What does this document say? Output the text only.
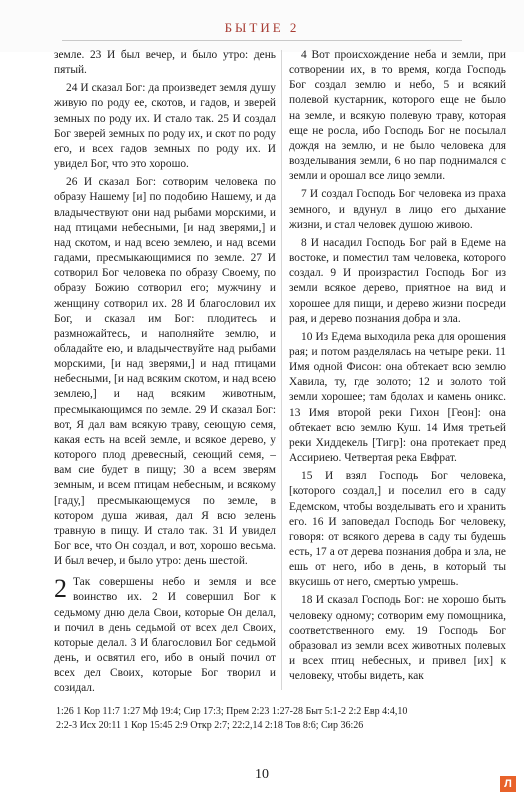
БЫТИЕ 2

земле. 23 И был вечер, и было утро: день пятый.

24 И сказал Бог: да произведет земля душу живую по роду ее, скотов, и гадов, и зверей земных по роду их. И стало так. 25 И создал Бог зверей земных по роду их, и скот по роду его, и всех гадов земных по роду их. И увидел Бог, что это хорошо.

26 И сказал Бог: сотворим человека по образу Нашему [и] по подобию Нашему, и да владычествуют они над рыбами морскими, и над птицами небесными, [и над зверями,] и над скотом, и над всею землею, и над всеми гадами, пресмыкающимися по земле. 27 И сотворил Бог человека по образу Своему, по образу Божию сотворил его; мужчину и женщину сотворил их. 28 И благословил их Бог, и сказал им Бог: плодитесь и размножайтесь, и наполняйте землю, и обладайте ею, и владычествуйте над рыбами морскими, [и над зверями,] и над птицами небесными, [и над всяким скотом, и над всею землею,] и над всяким животным, пресмыкающимся по земле. 29 И сказал Бог: вот, Я дал вам всякую траву, сеющую семя, какая есть на всей земле, и всякое дерево, у которого плод древесный, сеющий семя, – вам сие будет в пищу; 30 а всем зверям земным, и всем птицам небесным, и всякому [гаду,] пресмыкающемуся по земле, в котором душа живая, дал Я всю зелень травную в пищу. И стало так. 31 И увидел Бог все, что Он создал, и вот, хорошо весьма. И был вечер, и было утро: день шестой.

2 Так совершены небо и земля и все воинство их. 2 И совершил Бог к седьмому дню дела Свои, которые Он делал, и почил в день седьмой от всех дел Своих, которые делал. 3 И благословил Бог седьмой день, и освятил его, ибо в оный почил от всех дел Своих, которые Бог творил и созидал.

4 Вот происхождение неба и земли, при сотворении их, в то время, когда Господь Бог создал землю и небо, 5 и всякий полевой кустарник, которого еще не было на земле, и всякую полевую траву, которая еще не росла, ибо Господь Бог не посылал дождя на землю, и не было человека для возделывания земли, 6 но пар поднимался с земли и орошал все лицо земли.

7 И создал Господь Бог человека из праха земного, и вдунул в лицо его дыхание жизни, и стал человек душою живою.

8 И насадил Господь Бог рай в Едеме на востоке, и поместил там человека, которого создал. 9 И произрастил Господь Бог из земли всякое дерево, приятное на вид и хорошее для пищи, и дерево жизни посреди рая, и дерево познания добра и зла.

10 Из Едема выходила река для орошения рая; и потом разделялась на четыре реки. 11 Имя одной Фисон: она обтекает всю землю Хавила, ту, где золото; 12 и золото той земли хорошее; там бдолах и камень оникс. 13 Имя второй реки Гихон [Геон]: она обтекает всю землю Куш. 14 Имя третьей реки Хиддекель [Тигр]: она протекает пред Ассириею. Четвертая река Евфрат.

15 И взял Господь Бог человека, [которого создал,] и поселил его в саду Едемском, чтобы возделывать его и хранить его. 16 И заповедал Господь Бог человеку, говоря: от всякого дерева в саду ты будешь есть, 17 а от дерева познания добра и зла, не ешь от него, ибо в день, в который ты вкусишь от него, смертью умрешь.

18 И сказал Господь Бог: не хорошо быть человеку одному; сотворим ему помощника, соответственного ему. 19 Господь Бог образовал из земли всех животных полевых и всех птиц небесных, и привел [их] к человеку, чтобы видеть, как

1:26 1 Кор 11:7 1:27 Мф 19:4; Сир 17:3; Прем 2:23 1:27-28 Быт 5:1-2 2:2 Евр 4:4,10
2:2-3 Исх 20:11 1 Кор 15:45 2:9 Откр 2:7; 22:2,14 2:18 Тов 8:6; Сир 36:26
10
Л
